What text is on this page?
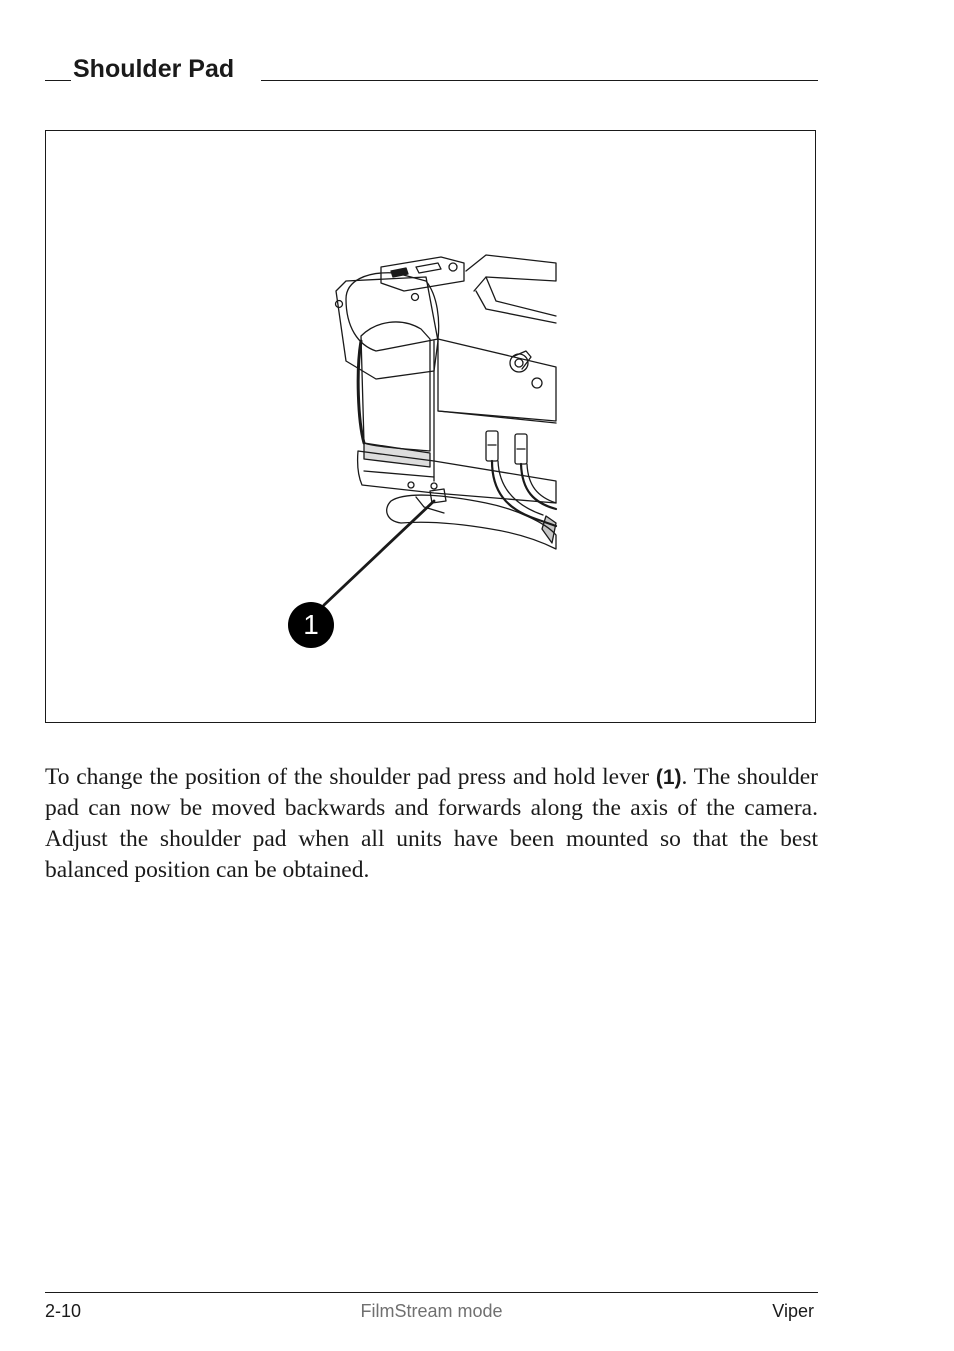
Shoulder Pad
1

To change the position of the shoulder pad press and hold lever (1). The shoulder pad can now be moved backwards and forwards along the axis of the camera. Adjust the shoulder pad when all units have been mounted so that the best balanced position can be obtained.

2-10	FilmStream mode	Viper
